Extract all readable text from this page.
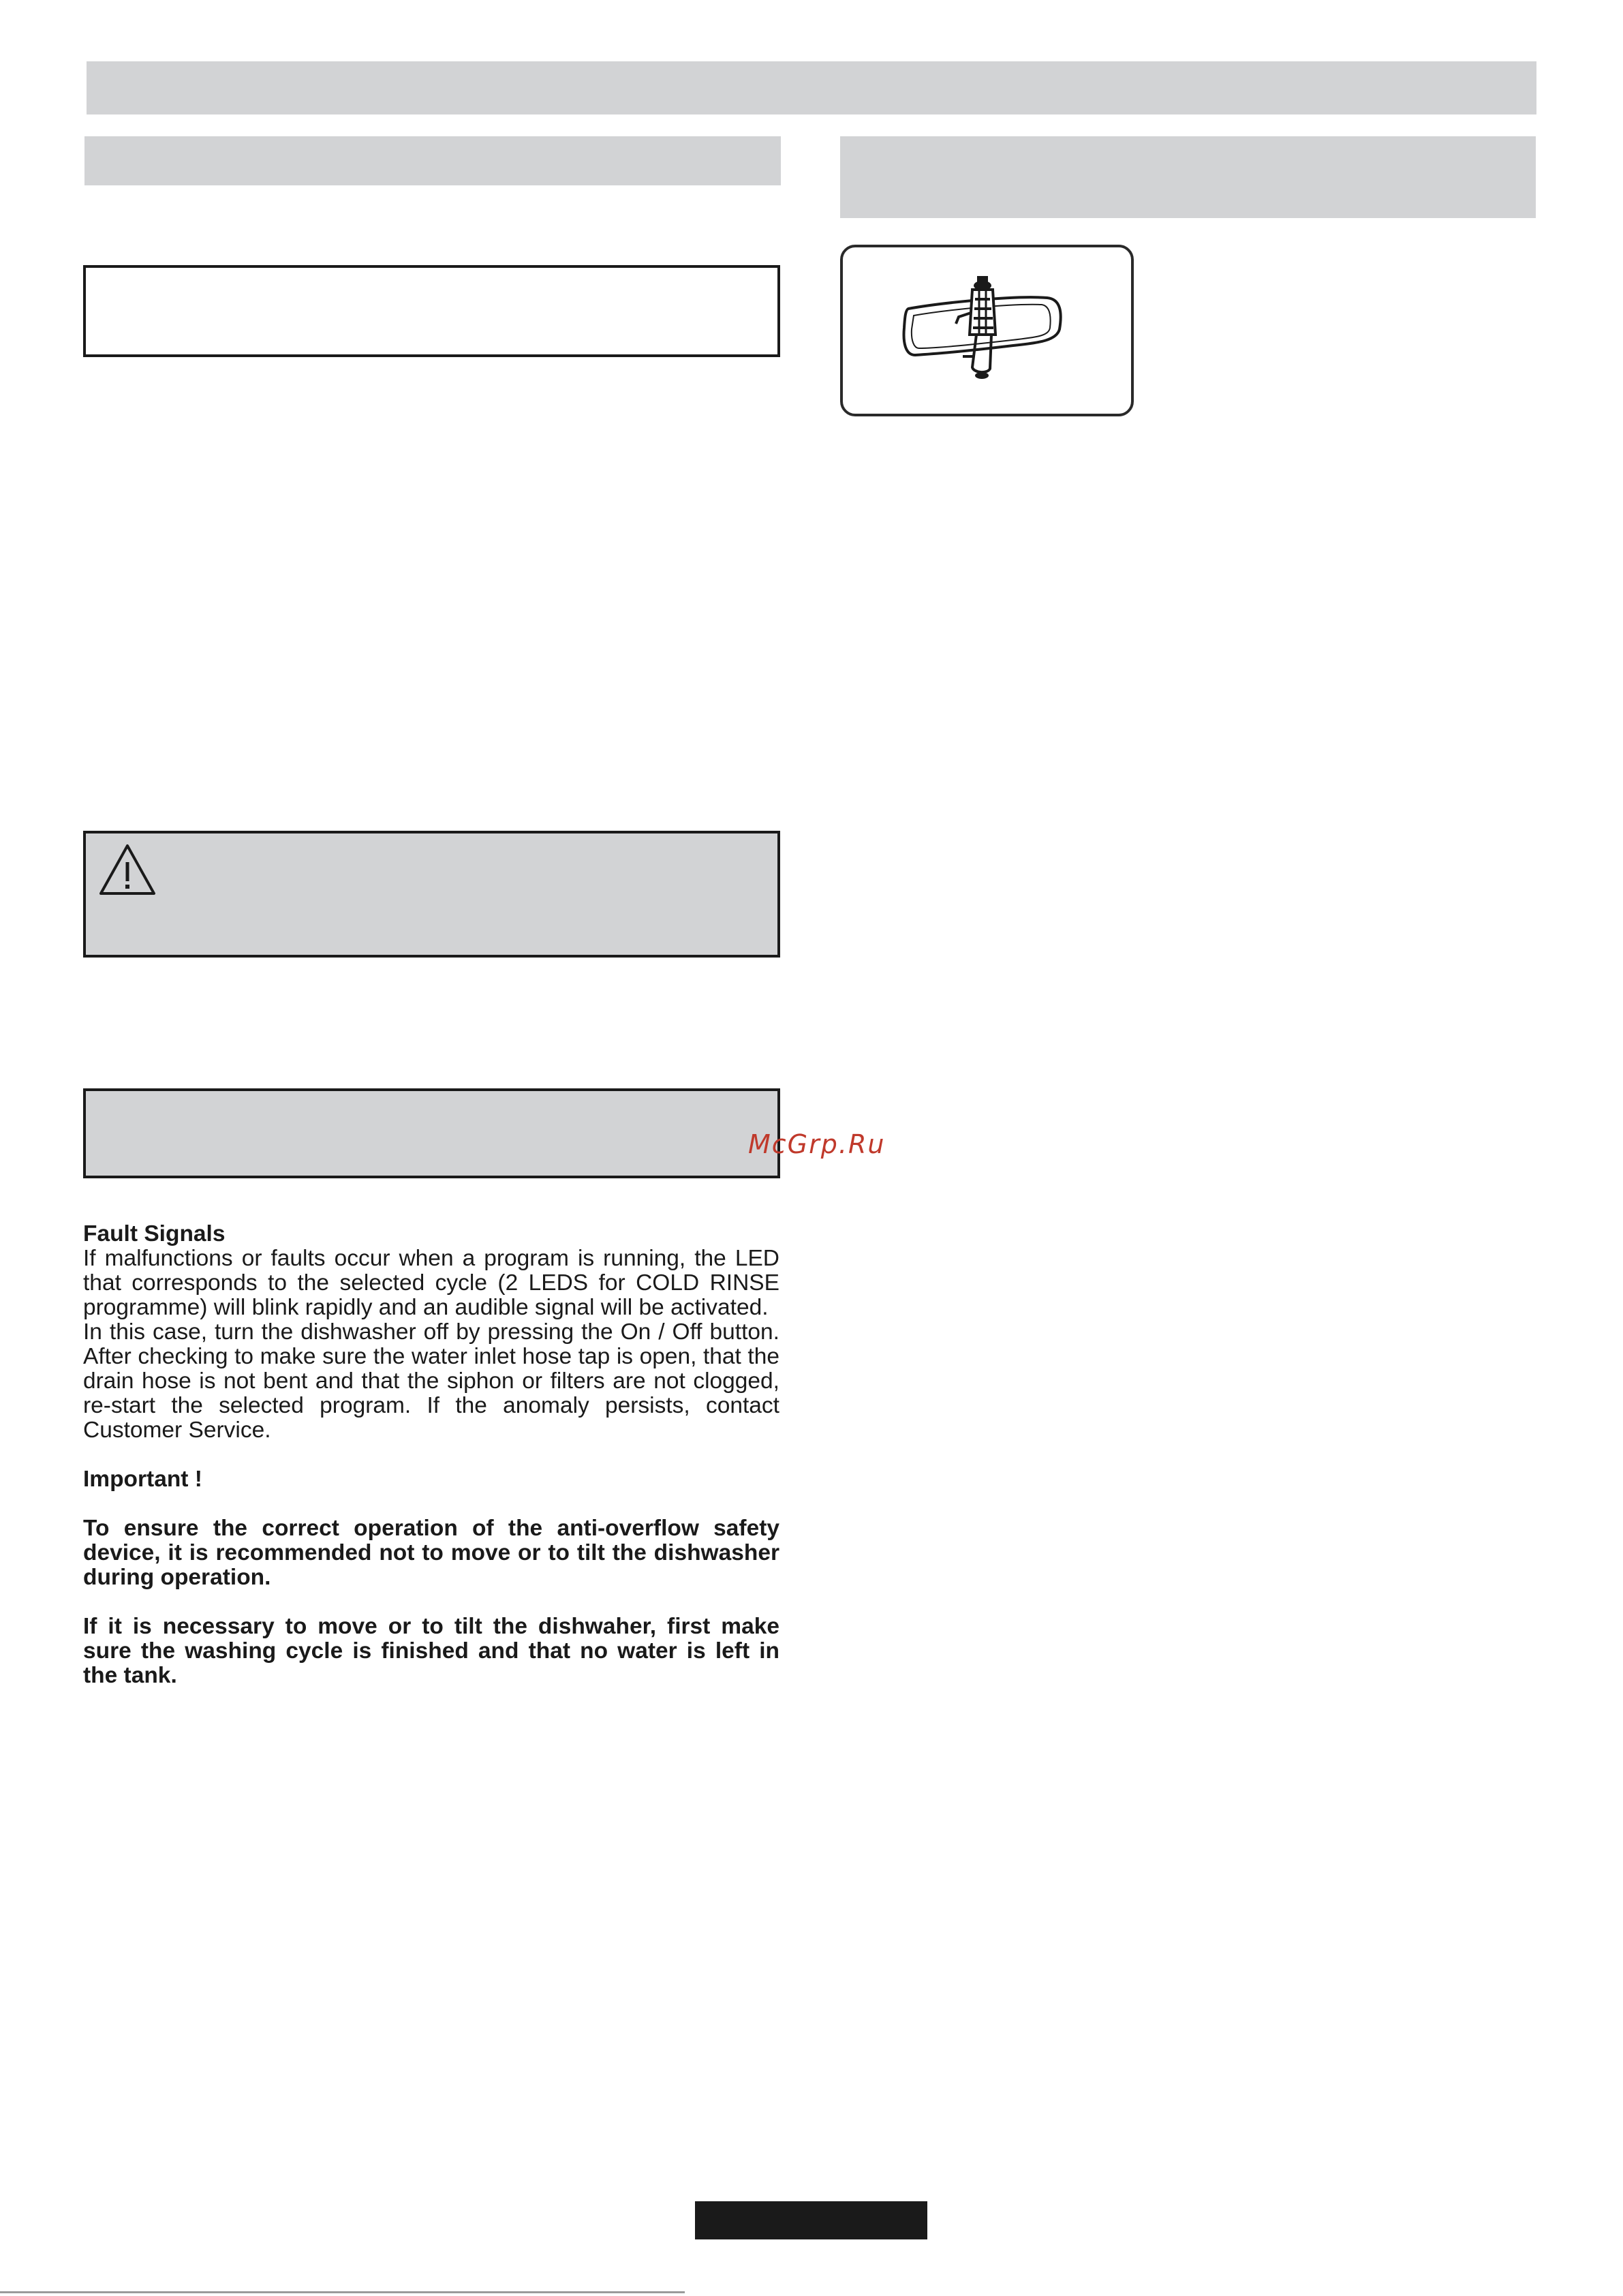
McGrp.Ru

Fault Signals

If malfunctions or faults occur when a program is running, the LED that corresponds to the selected cycle (2 LEDS for COLD RINSE programme) will blink rapidly and an audible signal will be activated.

In this case, turn the dishwasher off by pressing the On / Off button. After checking to make sure the water inlet hose tap is open, that the drain hose is not bent and that the siphon or filters are not clogged, re-start the selected program. If the anomaly persists, contact Customer Service.

Important !

To ensure the correct operation of the anti-overflow safety device, it is recommended not to move or to tilt the dishwasher during operation.

If it is necessary to move or to tilt the dishwaher, first make sure the washing cycle is finished and that no water is left in the tank.
